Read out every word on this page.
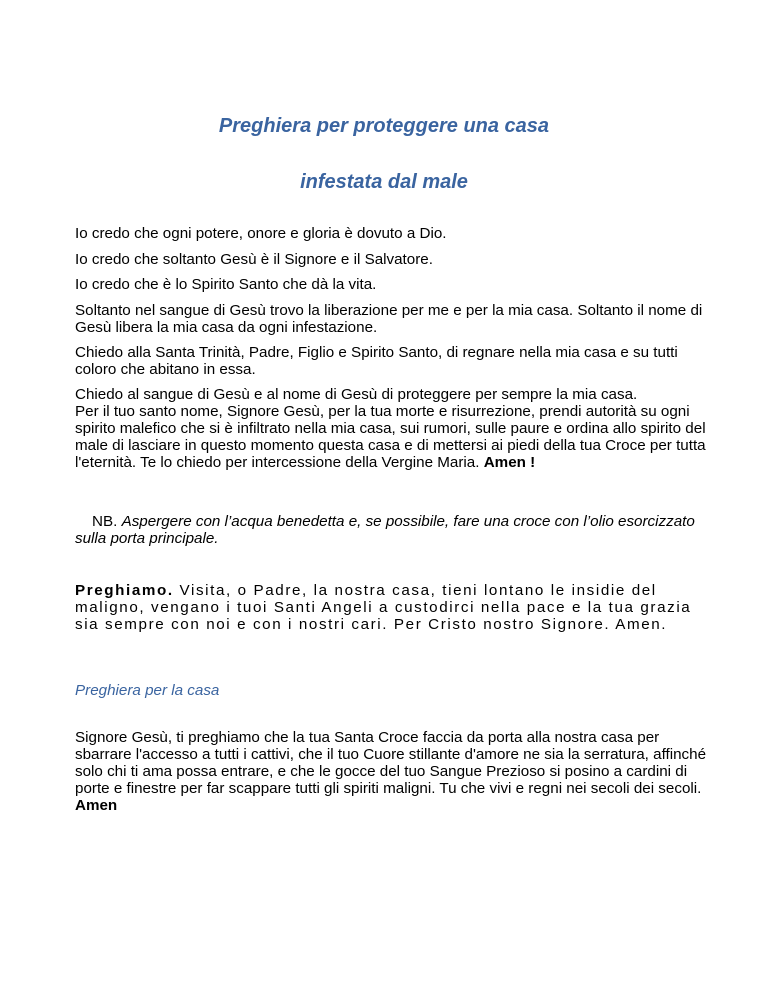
Preghiera per proteggere una casa
infestata dal male

Io credo che ogni potere, onore e gloria è dovuto a Dio.

Io credo che soltanto Gesù è il Signore e il Salvatore.

Io credo che è lo Spirito Santo che dà la vita.

Soltanto nel sangue di Gesù trovo la liberazione per me e per la mia casa. Soltanto il nome di Gesù libera la mia casa da ogni infestazione.

Chiedo alla Santa Trinità, Padre, Figlio e Spirito Santo, di regnare nella mia casa e su tutti coloro che abitano in essa.

Chiedo al sangue di Gesù e al nome di Gesù di proteggere per sempre la mia casa.
Per il tuo santo nome, Signore Gesù, per la tua morte e risurrezione, prendi autorità su ogni spirito malefico che si è infiltrato nella mia casa, sui rumori, sulle paure e ordina allo spirito del male di lasciare in questo momento questa casa e di mettersi ai piedi della tua Croce per tutta l'eternità. Te lo chiedo per intercessione della Vergine Maria. Amen !
NB. Aspergere con l’acqua benedetta e, se possibile, fare una croce con l’olio esorcizzato sulla porta principale.
Preghiamo. Visita, o Padre, la nostra casa, tieni lontano le insidie del maligno, vengano i tuoi Santi Angeli a custodirci nella pace e la tua grazia sia sempre con noi e con i nostri cari. Per Cristo nostro Signore. Amen.
Preghiera per la casa
Signore Gesù, ti preghiamo che la tua Santa Croce faccia da porta alla nostra casa per sbarrare l'accesso a tutti i cattivi, che il tuo Cuore stillante d'amore ne sia la serratura, affinché solo chi ti ama possa entrare, e che le gocce del tuo Sangue Prezioso si posino a cardini di porte e finestre per far scappare tutti gli spiriti maligni. Tu che vivi e regni nei secoli dei secoli. Amen
